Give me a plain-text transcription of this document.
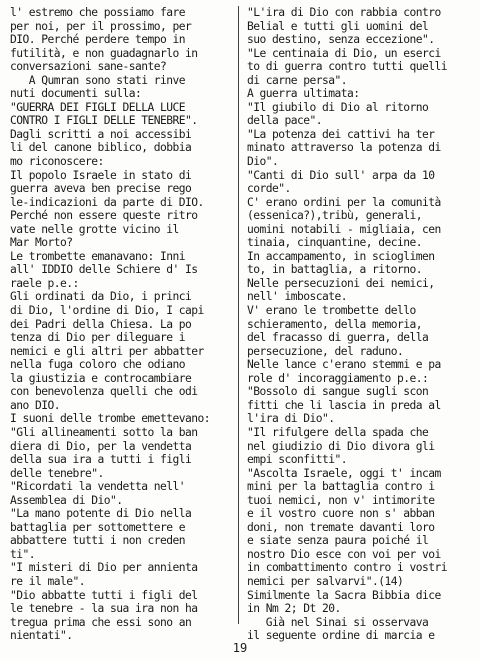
l' estremo che possiamo fare
per noi, per il prossimo, per
DIO. Perché perdere tempo in
futilità, e non guadagnarlo in
conversazioni sane-sante?
A Qumran sono stati rinve
nuti documenti sulla:
"GUERRA DEI FIGLI DELLA LUCE
CONTRO I FIGLI DELLE TENEBRE".
Dagli scritti a noi accessibi
li del canone biblico, dobbia
mo riconoscere:
Il popolo Israele in stato di
guerra aveva ben precise rego
le-indicazioni da parte di DIO.
Perché non essere queste ritro
vate nelle grotte vicino il
Mar Morto?
Le trombette emanavano: Inni
all' IDDIO delle Schiere d' Is
raele p.e.:
Gli ordinati da Dio, i princi
di Dio, l'ordine di Dio, I capi
dei Padri della Chiesa. La po
tenza di Dio per dileguare i
nemici e gli altri per abbatter
nella fuga coloro che odiano
la giustizia e controcambiare
con benevolenza quelli che odi
ano DIO.
I suoni delle trombe emettevano:
"Gli allineamenti sotto la ban
diera di Dio, per la vendetta
della sua ira a tutti i figli
delle tenebre".
"Ricordati la vendetta nell'
Assemblea di Dio".
"La mano potente di Dio nella
battaglia per sottomettere e
abbattere tutti i non creden
ti".
"I misteri di Dio per annienta
re il male".
"Dio abbatte tutti i figli del
le tenebre - la sua ira non ha
tregua prima che essi sono an
nientati".
"L'ira di Dio con rabbia contro
Belial e tutti gli uomini del
suo destino, senza eccezione".
"Le centinaia di Dio, un eserci
to di guerra contro tutti quelli
di carne persa".
A guerra ultimata:
"Il giubilo di Dio al ritorno
della pace".
"La potenza dei cattivi ha ter
minato attraverso la potenza di
Dio".
"Canti di Dio sull' arpa da 10
corde".
C' erano ordini per la comunità
(essenica?),tribù, generali,
uomini notabili - migliaia, cen
tinaia, cinquantine, decine.
In accampamento, in scioglimen
to, in battaglia, a ritorno.
Nelle persecuzioni dei nemici,
nell' imboscate.
V' erano le trombette dello
schieramento, della memoria,
del fracasso di guerra, della
persecuzione, del raduno.
Nelle lance c'erano stemmi e pa
role d' incoraggiamento p.e.:
"Bossolo di sangue sugli scon
fitti che li lascia in preda al
l'ira di Dio".
"Il rifulgere della spada che
nel giudizio di Dio divora gli
empi sconfitti".
"Ascolta Israele, oggi t' incam
mini per la battaglia contro i
tuoi nemici, non v' intimorite
e il vostro cuore non s' abban
doni, non tremate davanti loro
e siate senza paura poiché il
nostro Dio esce con voi per voi
in combattimento contro i vostri
nemici per salvarvi".(14)
Similmente la Sacra Bibbia dice
in Nm 2; Dt 20.
Già nel Sinai si osservava
il seguente ordine di marcia e
19
